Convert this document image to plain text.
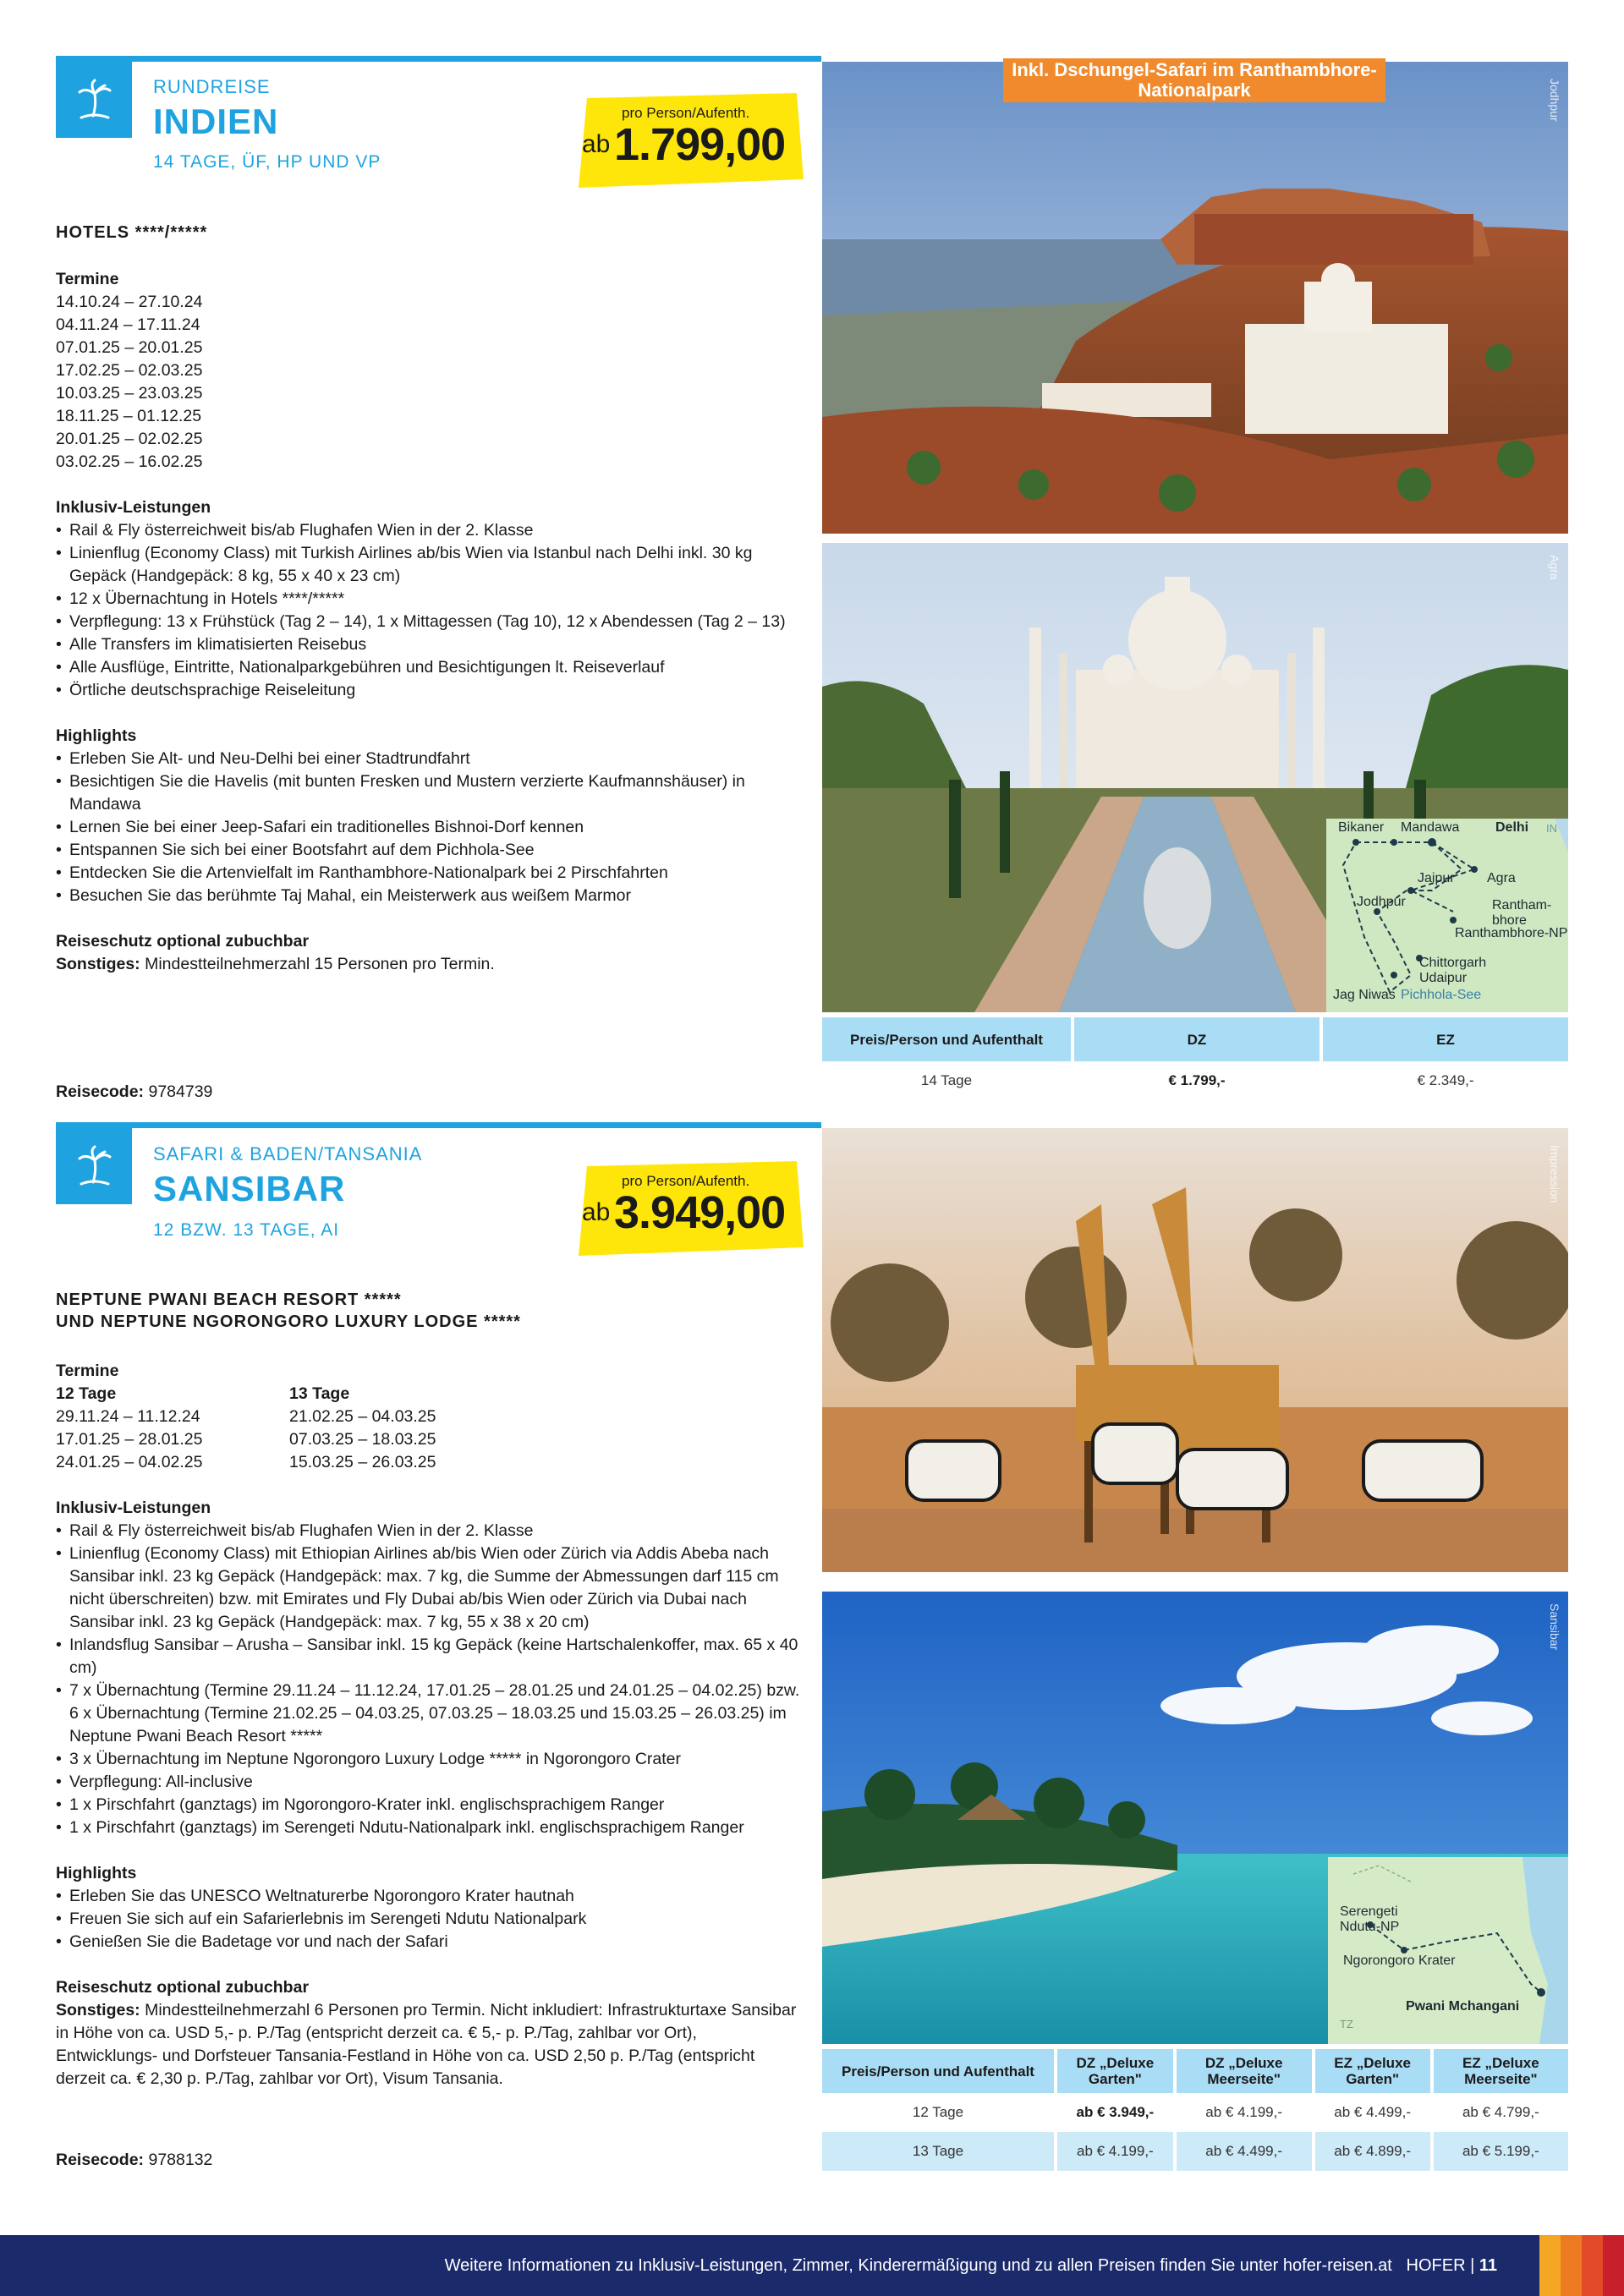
RUNDREISE
INDIEN
14 TAGE, ÜF, HP UND VP
pro Person/Aufenth.
ab 1.799,00
HOTELS ****/*****
Termine
14.10.24 – 27.10.24
04.11.24 – 17.11.24
07.01.25 – 20.01.25
17.02.25 – 02.03.25
10.03.25 – 23.03.25
18.11.25 – 01.12.25
20.01.25 – 02.02.25
03.02.25 – 16.02.25
Inklusiv-Leistungen
• Rail & Fly österreichweit bis/ab Flughafen Wien in der 2. Klasse
• Linienflug (Economy Class) mit Turkish Airlines ab/bis Wien via Istanbul nach Delhi inkl. 30 kg Gepäck (Handgepäck: 8 kg, 55 x 40 x 23 cm)
• 12 x Übernachtung in Hotels ****/*****
• Verpflegung: 13 x Frühstück (Tag 2 – 14), 1 x Mittagessen (Tag 10), 12 x Abendessen (Tag 2 – 13)
• Alle Transfers im klimatisierten Reisebus
• Alle Ausflüge, Eintritte, Nationalparkgebühren und Besichtigungen lt. Reiseverlauf
• Örtliche deutschsprachige Reiseleitung
Highlights
• Erleben Sie Alt- und Neu-Delhi bei einer Stadtrundfahrt
• Besichtigen Sie die Havelis (mit bunten Fresken und Mustern verzierte Kaufmannshäuser) in Mandawa
• Lernen Sie bei einer Jeep-Safari ein traditionelles Bishnoi-Dorf kennen
• Entspannen Sie sich bei einer Bootsfahrt auf dem Pichhola-See
• Entdecken Sie die Artenvielfalt im Ranthambhore-Nationalpark bei 2 Pirschfahrten
• Besuchen Sie das berühmte Taj Mahal, ein Meisterwerk aus weißem Marmor
Reiseschutz optional zubuchbar
Sonstiges: Mindestteilnehmerzahl 15 Personen pro Termin.
Reisecode: 9784739
Jodhpur
Inkl. Dschungel-Safari im Ranthambhore-Nationalpark
Agra
Bikaner Mandawa	Delhi IN
Jaipur Agra
Jodhpur	Rantham-
bhore
Ranthambhore-NP
Chittorgarh
Udaipur
Jag Niwas Pichhola-See
Preis/Person und Aufenthalt	DZ	EZ
14 Tage	€ 1.799,-	€ 2.349,-
SAFARI & BADEN/TANSANIA
SANSIBAR
12 BZW. 13 TAGE, AI
pro Person/Aufenth.
ab 3.949,00
NEPTUNE PWANI BEACH RESORT *****
UND NEPTUNE NGORONGORO LUXURY LODGE *****
Termine
12 Tage
29.11.24 – 11.12.24
17.01.25 – 28.01.25
24.01.25 – 04.02.25
13 Tage
21.02.25 – 04.03.25
07.03.25 – 18.03.25
15.03.25 – 26.03.25
Inklusiv-Leistungen
• Rail & Fly österreichweit bis/ab Flughafen Wien in der 2. Klasse
• Linienflug (Economy Class) mit Ethiopian Airlines ab/bis Wien oder Zürich via Addis Abeba nach Sansibar inkl. 23 kg Gepäck (Handgepäck: max. 7 kg, die Summe der Abmessungen darf 115 cm nicht überschreiten) bzw. mit Emirates und Fly Dubai ab/bis Wien oder Zürich via Dubai nach Sansibar inkl. 23 kg Gepäck (Handgepäck: max. 7 kg, 55 x 38 x 20 cm)
• Inlandsflug Sansibar – Arusha – Sansibar inkl. 15 kg Gepäck (keine Hartschalenkoffer, max. 65 x 40 cm)
• 7 x Übernachtung (Termine 29.11.24 – 11.12.24, 17.01.25 – 28.01.25 und 24.01.25 – 04.02.25) bzw. 6 x Übernachtung (Termine 21.02.25 – 04.03.25, 07.03.25 – 18.03.25 und 15.03.25 – 26.03.25) im Neptune Pwani Beach Resort *****
• 3 x Übernachtung im Neptune Ngorongoro Luxury Lodge ***** in Ngorongoro Crater
• Verpflegung: All-inclusive
• 1 x Pirschfahrt (ganztags) im Ngorongoro-Krater inkl. englischsprachigem Ranger
• 1 x Pirschfahrt (ganztags) im Serengeti Ndutu-Nationalpark inkl. englischsprachigem Ranger
Highlights
• Erleben Sie das UNESCO Weltnaturerbe Ngorongoro Krater hautnah
• Freuen Sie sich auf ein Safarierlebnis im Serengeti Ndutu Nationalpark
• Genießen Sie die Badetage vor und nach der Safari
Reiseschutz optional zubuchbar
Sonstiges: Mindestteilnehmerzahl 6 Personen pro Termin. Nicht inkludiert: Infrastrukturtaxe Sansibar in Höhe von ca. USD 5,- p. P./Tag (entspricht derzeit ca. € 5,- p. P./Tag, zahlbar vor Ort), Entwicklungs- und Dorfsteuer Tansania-Festland in Höhe von ca. USD 2,50 p. P./Tag (entspricht derzeit ca. € 2,30 p. P./Tag, zahlbar vor Ort), Visum Tansania.
Reisecode: 9788132
Impression
Sansibar
Serengeti
Ndutu-NP
Ngorongoro Krater
Pwani Mchangani
TZ
Preis/Person und Aufenthalt	DZ „Deluxe Garten"	DZ „Deluxe Meerseite"	EZ „Deluxe Garten"	EZ „Deluxe Meerseite"
12 Tage	ab € 3.949,-	ab € 4.199,-	ab € 4.499,-	ab € 4.799,-
13 Tage	ab € 4.199,-	ab € 4.499,-	ab € 4.899,-	ab € 5.199,-
Weitere Informationen zu Inklusiv-Leistungen, Zimmer, Kinderermäßigung und zu allen Preisen finden Sie unter hofer-reisen.at HOFER | 11
